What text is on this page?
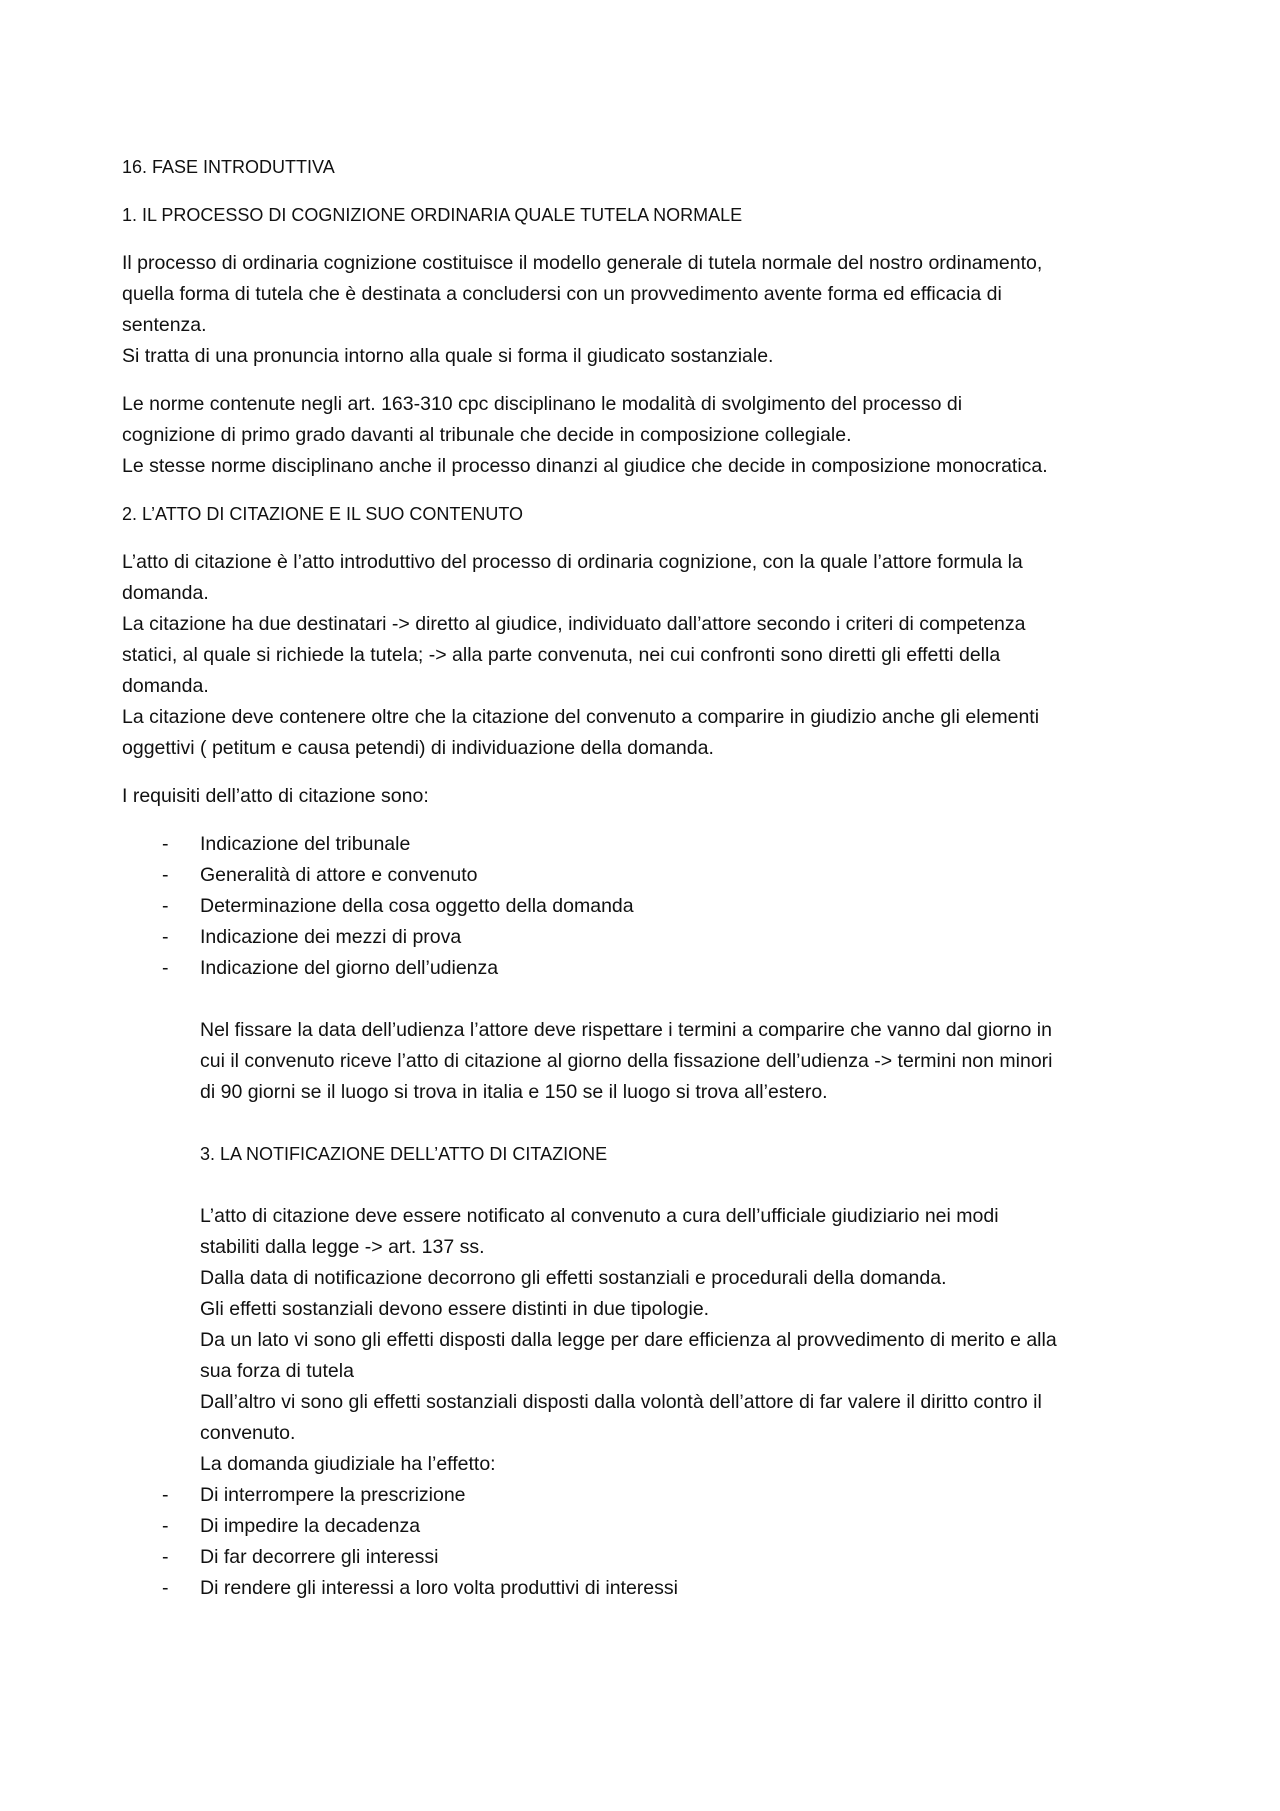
16. FASE INTRODUTTIVA
1. IL PROCESSO DI COGNIZIONE ORDINARIA QUALE TUTELA NORMALE
Il processo di ordinaria cognizione costituisce il modello generale di tutela normale del nostro ordinamento,
quella forma di tutela che è destinata a concludersi con un provvedimento avente forma ed efficacia di
sentenza.
Si tratta di una pronuncia intorno alla quale si forma il giudicato sostanziale.
Le norme contenute negli art. 163-310 cpc disciplinano le modalità di svolgimento del processo di
cognizione di primo grado davanti al tribunale che decide in composizione collegiale.
Le stesse norme disciplinano anche il processo dinanzi al giudice che decide in composizione monocratica.
2. L’ATTO DI CITAZIONE E IL SUO CONTENUTO
L’atto di citazione è l’atto introduttivo del processo di ordinaria cognizione, con la quale l’attore formula la
domanda.
La citazione ha due destinatari -> diretto al giudice, individuato dall’attore secondo i criteri di competenza
statici, al quale si richiede la tutela; -> alla parte convenuta, nei cui confronti sono diretti gli effetti della
domanda.
La citazione deve contenere oltre che la citazione del convenuto a comparire in giudizio anche gli elementi
oggettivi ( petitum e causa petendi) di individuazione della domanda.
I requisiti dell’atto di citazione sono:
- Indicazione del tribunale
- Generalità di attore e convenuto
- Determinazione della cosa oggetto della domanda
- Indicazione dei mezzi di prova
- Indicazione del giorno dell’udienza
Nel fissare la data dell’udienza l’attore deve rispettare i termini a comparire che vanno dal giorno in
cui il convenuto riceve l’atto di citazione al giorno della fissazione dell’udienza -> termini non minori
di 90 giorni se il luogo si trova in italia e 150 se il luogo si trova all’estero.
3. LA NOTIFICAZIONE DELL’ATTO DI CITAZIONE
L’atto di citazione deve essere notificato al convenuto a cura dell’ufficiale giudiziario nei modi
stabiliti dalla legge -> art. 137 ss.
Dalla data di notificazione decorrono gli effetti sostanziali e procedurali della domanda.
Gli effetti sostanziali devono essere distinti in due tipologie.
Da un lato vi sono gli effetti disposti dalla legge per dare efficienza al provvedimento di merito e alla
sua forza di tutela
Dall’altro vi sono gli effetti sostanziali disposti dalla volontà dell’attore di far valere il diritto contro il
convenuto.
La domanda giudiziale ha l’effetto:
- Di interrompere la prescrizione
- Di impedire la decadenza
- Di far decorrere gli interessi
- Di rendere gli interessi a loro volta produttivi di interessi
